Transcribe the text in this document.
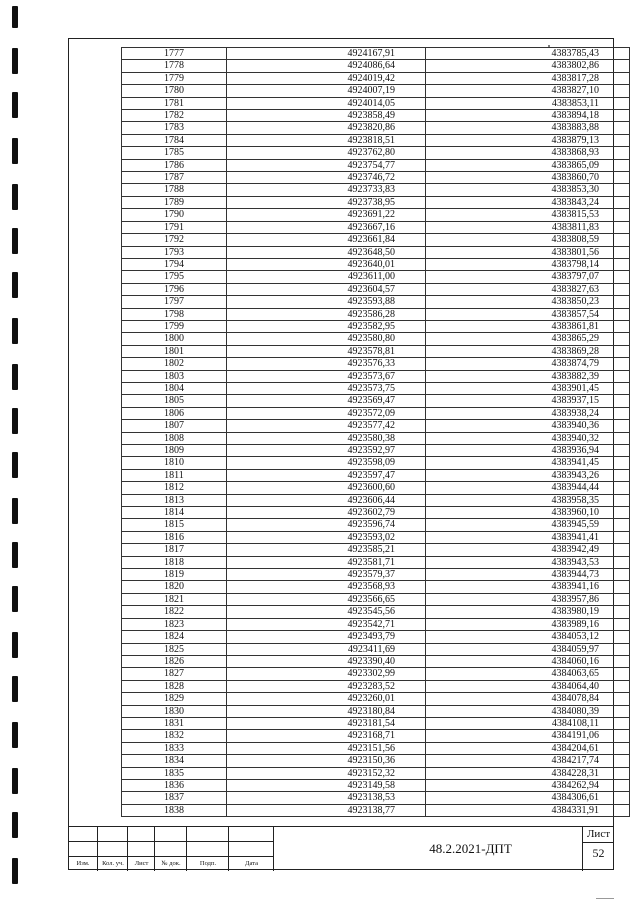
1777	4924167,91	4383785,43
1778	4924086,64	4383802,86
1779	4924019,42	4383817,28
1780	4924007,19	4383827,10
1781	4924014,05	4383853,11
1782	4923858,49	4383894,18
1783	4923820,86	4383883,88
1784	4923818,51	4383879,13
1785	4923762,80	4383868,93
1786	4923754,77	4383865,09
1787	4923746,72	4383860,70
1788	4923733,83	4383853,30
1789	4923738,95	4383843,24
1790	4923691,22	4383815,53
1791	4923667,16	4383811,83
1792	4923661,84	4383808,59
1793	4923648,50	4383801,56
1794	4923640,01	4383798,14
1795	4923611,00	4383797,07
1796	4923604,57	4383827,63
1797	4923593,88	4383850,23
1798	4923586,28	4383857,54
1799	4923582,95	4383861,81
1800	4923580,80	4383865,29
1801	4923578,81	4383869,28
1802	4923576,33	4383874,79
1803	4923573,67	4383882,39
1804	4923573,75	4383901,45
1805	4923569,47	4383937,15
1806	4923572,09	4383938,24
1807	4923577,42	4383940,36
1808	4923580,38	4383940,32
1809	4923592,97	4383936,94
1810	4923598,09	4383941,45
1811	4923597,47	4383943,26
1812	4923600,60	4383944,44
1813	4923606,44	4383958,35
1814	4923602,79	4383960,10
1815	4923596,74	4383945,59
1816	4923593,02	4383941,41
1817	4923585,21	4383942,49
1818	4923581,71	4383943,53
1819	4923579,37	4383944,73
1820	4923568,93	4383941,16
1821	4923566,65	4383957,86
1822	4923545,56	4383980,19
1823	4923542,71	4383989,16
1824	4923493,79	4384053,12
1825	4923411,69	4384059,97
1826	4923390,40	4384060,16
1827	4923302,99	4384063,65
1828	4923283,52	4384064,40
1829	4923260,01	4384078,84
1830	4923180,84	4384080,39
1831	4923181,54	4384108,11
1832	4923168,71	4384191,06
1833	4923151,56	4384204,61
1834	4923150,36	4384217,74
1835	4923152,32	4384228,31
1836	4923149,58	4384262,94
1837	4923138,53	4384306,61
1838	4923138,77	4384331,91
Изм.	Кол. уч.	Лист	№ док.	Подп.	Дата
48.2.2021-ДПТ
Лист
52
